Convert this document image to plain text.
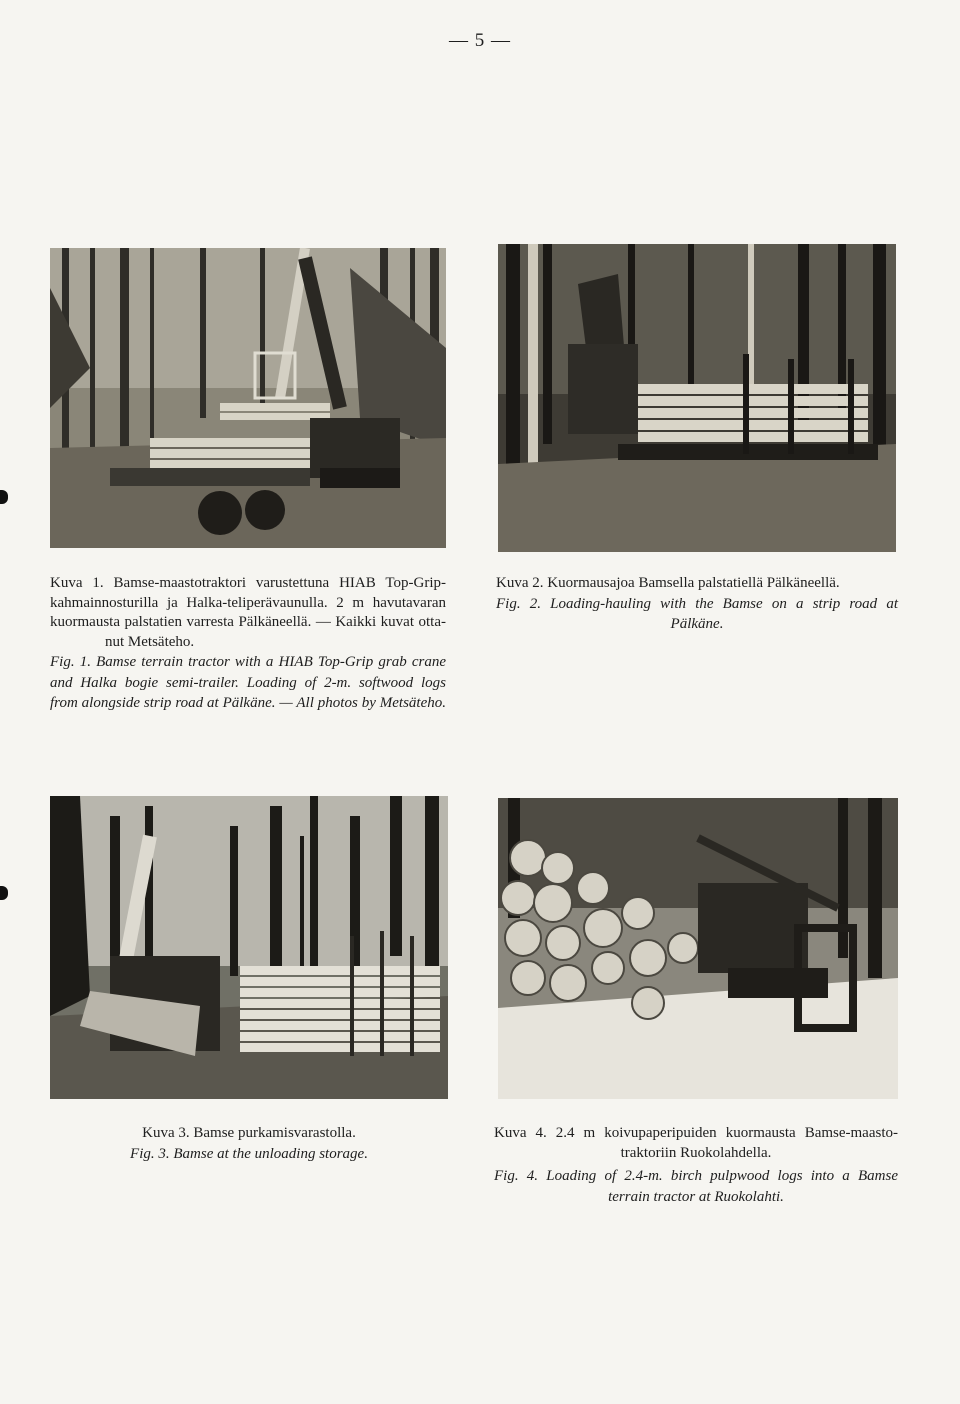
— 5 —

Kuva 1. Bamse-maastotraktori varustettuna HIAB Top-Grip-

kahmainnosturilla ja Halka-teliperävaunulla. 2 m havutavaran

kuormausta palstatien varresta Pälkäneellä. — Kaikki kuvat otta-

nut Metsäteho.

Fig. 1. Bamse terrain tractor with a HIAB Top-Grip grab crane

and Halka bogie semi-trailer. Loading of 2-m. softwood logs

from alongside strip road at Pälkäne. — All photos by Metsäteho.

Kuva 2. Kuormausajoa Bamsella palstatiellä Pälkäneellä.

Fig. 2. Loading-hauling with the Bamse on a strip road at

Pälkäne.

Kuva 3. Bamse purkamisvarastolla.

Fig. 3. Bamse at the unloading storage.

Kuva 4. 2.4 m koivupaperipuiden kuormausta Bamse-maasto-

traktoriin Ruokolahdella.

Fig. 4. Loading of 2.4-m. birch pulpwood logs into a Bamse

terrain tractor at Ruokolahti.
